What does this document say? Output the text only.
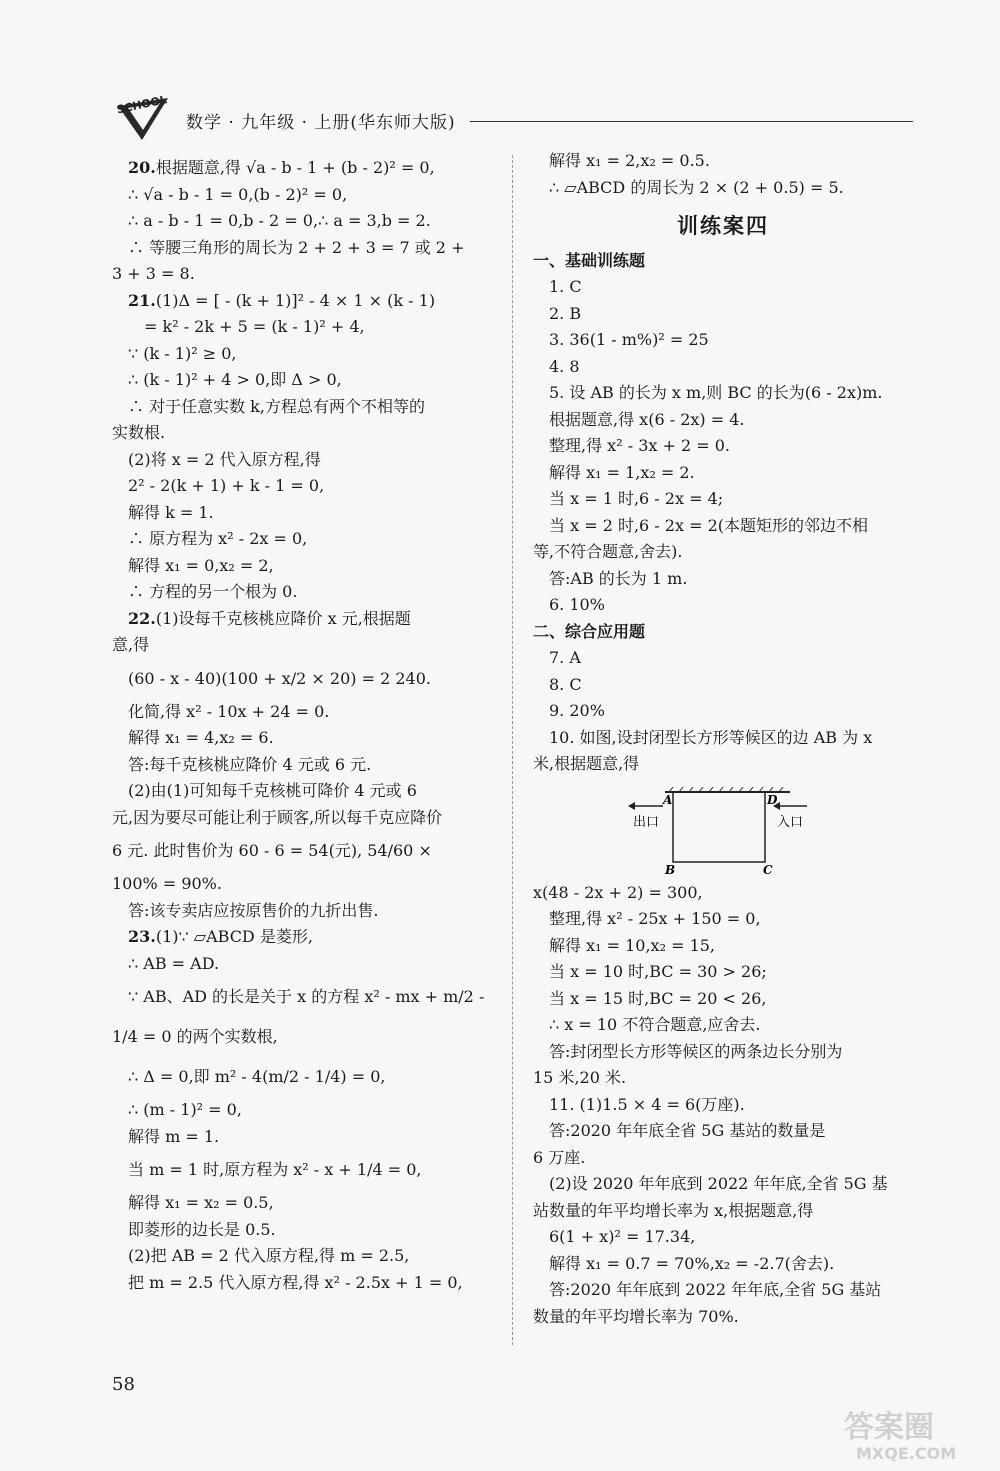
SCHOOL
数学 · 九年级 · 上册(华东师大版)

20.根据题意,得 √a - b - 1 + (b - 2)² = 0,

∴ √a - b - 1 = 0,(b - 2)² = 0,

∴ a - b - 1 = 0,b - 2 = 0,∴ a = 3,b = 2.

∴ 等腰三角形的周长为 2 + 2 + 3 = 7 或 2 +

3 + 3 = 8.

21.(1)Δ = [ - (k + 1)]² - 4 × 1 × (k - 1)

= k² - 2k + 5 = (k - 1)² + 4,

∵ (k - 1)² ≥ 0,

∴ (k - 1)² + 4 > 0,即 Δ > 0,

∴ 对于任意实数 k,方程总有两个不相等的

实数根.

(2)将 x = 2 代入原方程,得

2² - 2(k + 1) + k - 1 = 0,

解得 k = 1.

∴ 原方程为 x² - 2x = 0,

解得 x₁ = 0,x₂ = 2,

∴ 方程的另一个根为 0.

22.(1)设每千克核桃应降价 x 元,根据题

意,得

(60 - x - 40)(100 + x/2 × 20) = 2 240.

化简,得 x² - 10x + 24 = 0.

解得 x₁ = 4,x₂ = 6.

答:每千克核桃应降价 4 元或 6 元.

(2)由(1)可知每千克核桃可降价 4 元或 6

元,因为要尽可能让利于顾客,所以每千克应降价

6 元. 此时售价为 60 - 6 = 54(元), 54/60 ×

100% = 90%.

答:该专卖店应按原售价的九折出售.

23.(1)∵ ▱ABCD 是菱形,

∴ AB = AD.

∵ AB、AD 的长是关于 x 的方程 x² - mx + m/2 -

1/4 = 0 的两个实数根,

∴ Δ = 0,即 m² - 4(m/2 - 1/4) = 0,

∴ (m - 1)² = 0,

解得 m = 1.

当 m = 1 时,原方程为 x² - x + 1/4 = 0,

解得 x₁ = x₂ = 0.5,

即菱形的边长是 0.5.

(2)把 AB = 2 代入原方程,得 m = 2.5,

把 m = 2.5 代入原方程,得 x² - 2.5x + 1 = 0,

解得 x₁ = 2,x₂ = 0.5.

∴ ▱ABCD 的周长为 2 × (2 + 0.5) = 5.

训练案四

一、基础训练题

1. C

2. B

3. 36(1 - m%)² = 25

4. 8

5. 设 AB 的长为 x m,则 BC 的长为(6 - 2x)m.

根据题意,得 x(6 - 2x) = 4.

整理,得 x² - 3x + 2 = 0.

解得 x₁ = 1,x₂ = 2.

当 x = 1 时,6 - 2x = 4;

当 x = 2 时,6 - 2x = 2(本题矩形的邻边不相

等,不符合题意,舍去).

答:AB 的长为 1 m.

6. 10%

二、综合应用题

7. A

8. C

9. 20%

10. 如图,设封闭型长方形等候区的边 AB 为 x

米,根据题意,得

A	D
B	C
出口	入口

x(48 - 2x + 2) = 300,

整理,得 x² - 25x + 150 = 0,

解得 x₁ = 10,x₂ = 15,

当 x = 10 时,BC = 30 > 26;

当 x = 15 时,BC = 20 < 26,

∴ x = 10 不符合题意,应舍去.

答:封闭型长方形等候区的两条边长分别为

15 米,20 米.

11. (1)1.5 × 4 = 6(万座).

答:2020 年年底全省 5G 基站的数量是

6 万座.

(2)设 2020 年年底到 2022 年年底,全省 5G 基

站数量的年平均增长率为 x,根据题意,得

6(1 + x)² = 17.34,

解得 x₁ = 0.7 = 70%,x₂ = -2.7(舍去).

答:2020 年年底到 2022 年年底,全省 5G 基站

数量的年平均增长率为 70%.

58
答案圈
MXQE.COM
